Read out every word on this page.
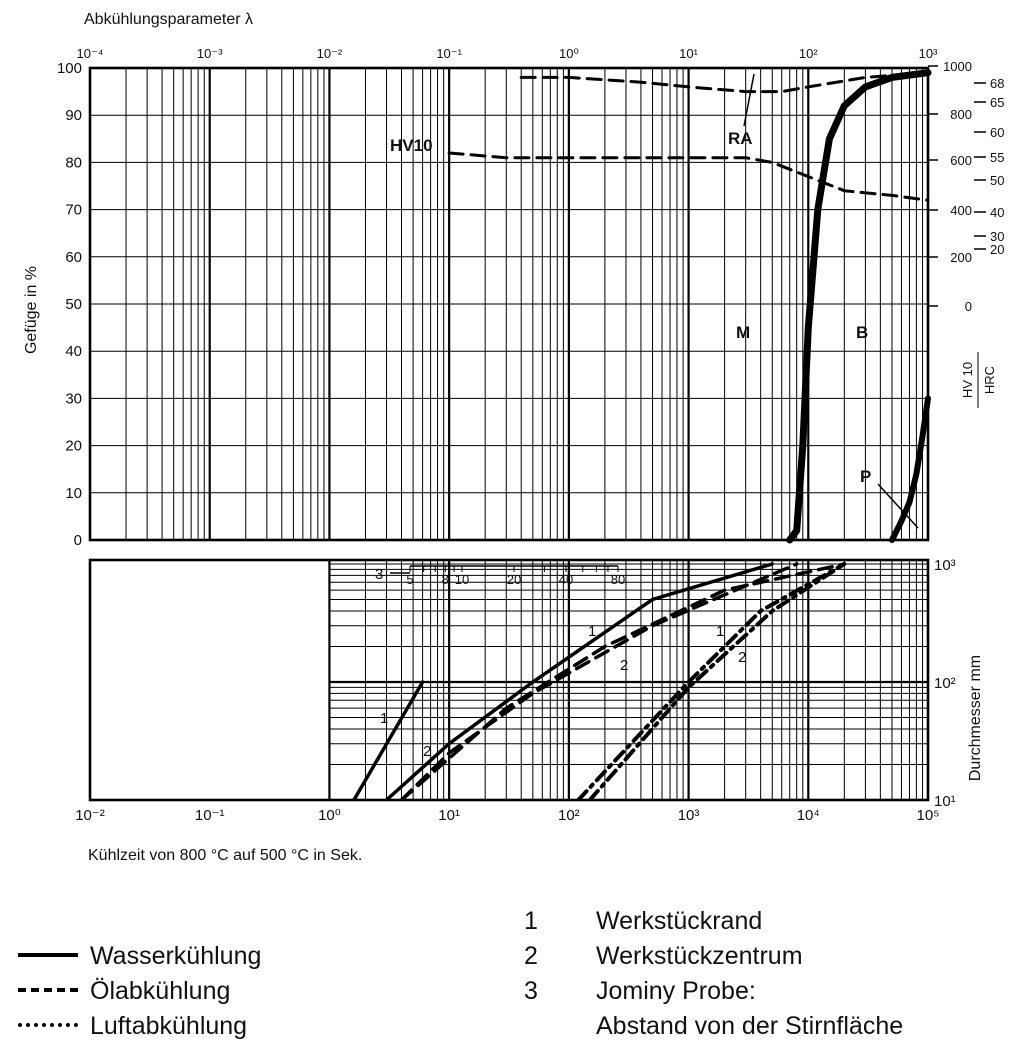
Abkühlungsparameter λ
10⁻⁴	10⁻³	10⁻²	10⁻¹	10⁰	10¹	10²	10³
100
90
80
70
60
50
40
30
20
10
0
Gefüge in %
1000
800
600
400
200
0
68
65
60
55
50
40
30
20
HV 10 HRC
10⁻²	10⁻¹	10⁰	10¹	10²	10³	10⁴	10⁵
10³
10²
10¹
Durchmesser mm
Kühlzeit von 800 °C auf 500 °C in Sek.
3 5 8 10	20	40	80
RA
HV10
M	B
P
1
2
1
2
1
2
Wasserkühlung
Ölabkühlung
Luftabkühlung
1 Werkstückrand
2 Werkstückzentrum
3 Jominy Probe:
Abstand von der Stirnfläche
